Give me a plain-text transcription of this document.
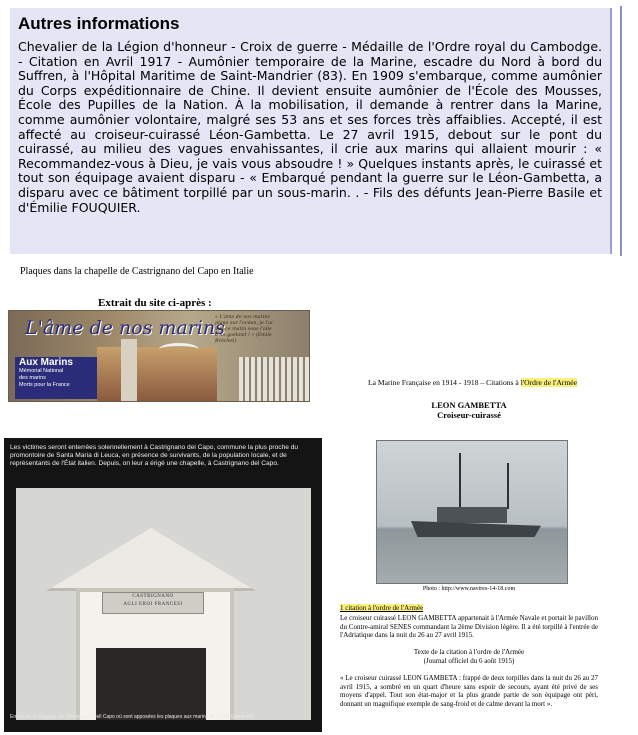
Autres informations

Chevalier de la Légion d'honneur - Croix de guerre - Médaille de l'Ordre royal du Cambodge. - Citation en Avril 1917 - Aumônier temporaire de la Marine, escadre du Nord à bord du Suffren, à l'Hôpital Maritime de Saint-Mandrier (83). En 1909 s'embarque, comme aumônier du Corps expéditionnaire de Chine. Il devient ensuite aumônier de l'École des Mousses, École des Pupilles de la Nation. À la mobilisation, il demande à rentrer dans la Marine, comme aumônier volontaire, malgré ses 53 ans et ses forces très affaiblies. Accepté, il est affecté au croiseur-cuirassé Léon-Gambetta. Le 27 avril 1915, debout sur le pont du cuirassé, au milieu des vagues envahissantes, il crie aux marins qui allaient mourir : « Recommandez-vous à Dieu, je vais vous absoudre ! » Quelques instants après, le cuirassé et tout son équipage avaient disparu - « Embarqué pendant la guerre sur le Léon-Gambetta, a disparu avec ce bâtiment torpillé par un sous-marin. . - Fils des défunts Jean-Pierre Basile et d'Émilie FOUQUIER.

Plaques dans la chapelle de Castrignano del Capo en Italie
Extrait du site ci-après :
L'âme de nos marins
« L'âme de nos marins plane sur l'océan, je l'ai vue ce matin sous l'aile d'un goéland ! » (Emile Bréchet)
Aux Marins
Mémorial National
des marins
Morts pour la France
Les victimes seront enterrées solennellement à Castrignano del Capo, commune la plus proche du promontoire de Santa Maria di Leuca, en présence de survivants, de la population locale, et de représentants de l'État italien. Depuis, on leur a érigé une chapelle, à Castrignano del Capo.
CASTRIGNANO
AGLI EROI FRANCESI
Entrée de la chapelle de Castrignano dell Capo où sont apposées les plaques aux marins du "Léon Gambetta"
La Marine Française en 1914 - 1918 – Citations à l'Ordre de l'Armée
LEON GAMBETTA
Croiseur-cuirassé
Photo : http://www.navires-14-18.com
1 citation à l'ordre de l'Armée
Le croiseur cuirassé LEON GAMBETTA appartenait à l'Armée Navale et portait le pavillon du Contre-amiral SENES commandant la 2ème Division légère. Il a été torpillé à l'entrée de l'Adriatique dans la nuit du 26 au 27 avril 1915.
Texte de la citation à l'ordre de l'Armée
(Journal officiel du 6 août 1915)
« Le croiseur cuirassé LEON GAMBETA : frappé de deux torpilles dans la nuit du 26 au 27 avril 1915, a sombré en un quart d'heure sans espoir de secours, ayant été privé de ses moyens d'appel. Tout son état-major et la plus grande partie de son équipage ont péri, donnant un magnifique exemple de sang-froid et de calme devant la mort ».
